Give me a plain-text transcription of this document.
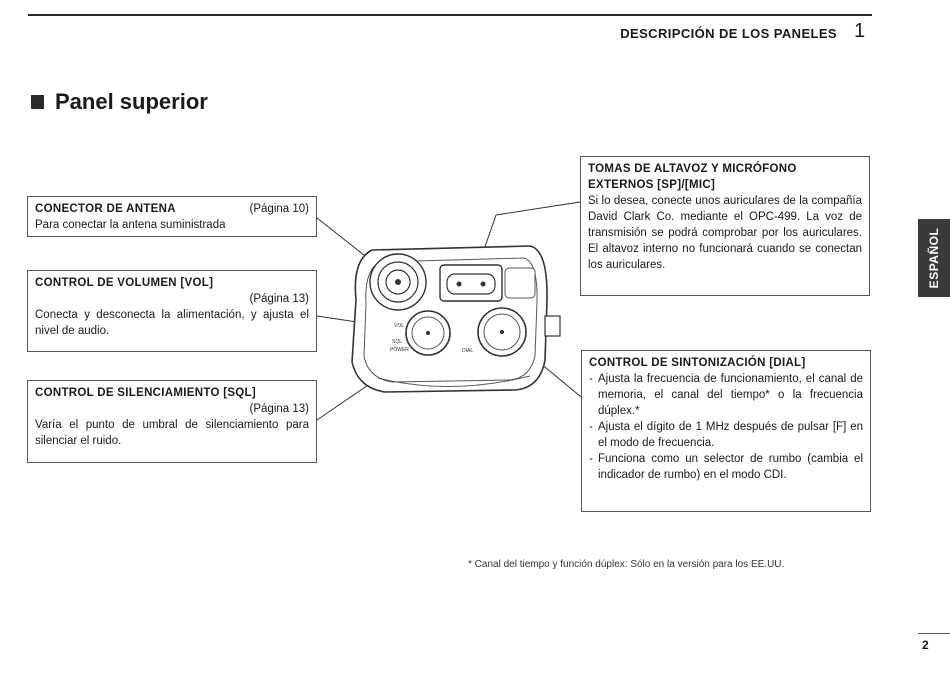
DESCRIPCIÓN DE LOS PANELES 1
Panel superior
ESPAÑOL
VOL
SQL
POWER	DIAL
CONECTOR DE ANTENA	(Página 10)
Para conectar la antena suministrada
CONTROL DE VOLUMEN [VOL]
(Página 13)
Conecta y desconecta la alimentación, y ajusta el nivel de audio.
CONTROL DE SILENCIAMIENTO [SQL]
(Página 13)
Varía el punto de umbral de silenciamiento para silenciar el ruido.
TOMAS DE ALTAVOZ Y MICRÓFONO EXTERNOS [SP]/[MIC]
Si lo desea, conecte unos auriculares de la compañía David Clark Co. mediante el OPC-499. La voz de transmisión se podrá comprobar por los auriculares. El altavoz interno no funcionará cuando se conectan los auriculares.
CONTROL DE SINTONIZACIÓN [DIAL]
- Ajusta la frecuencia de funcionamiento, el canal de memoria, el canal del tiempo* o la frecuencia dúplex.*
- Ajusta el dígito de 1 MHz después de pulsar [F] en el modo de frecuencia.
- Funciona como un selector de rumbo (cambia el indicador de rumbo) en el modo CDI.
* Canal del tiempo y función dúplex: Sólo en la versión para los EE.UU.
2
